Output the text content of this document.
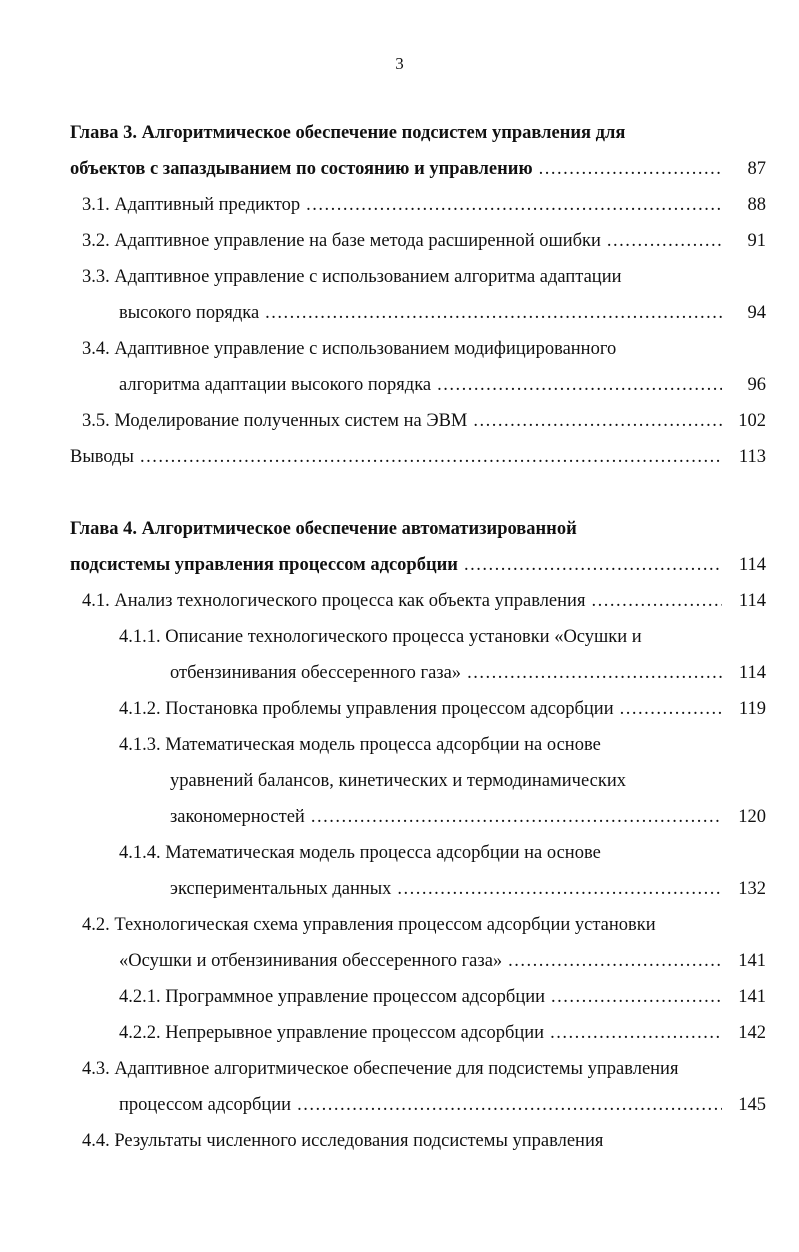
3
Глава 3. Алгоритмическое обеспечение подсистем управления для
объектов с запаздыванием по состоянию и управлению .....	87
3.1. Адаптивный предиктор .....	88
3.2. Адаптивное управление на базе метода расширенной ошибки .....	91
3.3. Адаптивное управление с использованием алгоритма адаптации
высокого порядка .....	94
3.4. Адаптивное управление с использованием модифицированного
алгоритма адаптации высокого порядка .....	96
3.5. Моделирование полученных систем на ЭВМ .....	102
Выводы .....	113
Глава 4. Алгоритмическое обеспечение автоматизированной
подсистемы управления процессом адсорбции .....	114
4.1. Анализ технологического процесса как объекта управления .....	114
4.1.1. Описание технологического процесса установки «Осушки и
отбензинивания обессеренного газа» .....	114
4.1.2. Постановка проблемы управления процессом адсорбции .....	119
4.1.3. Математическая модель процесса адсорбции на основе
уравнений балансов, кинетических и термодинамических
закономерностей .....	120
4.1.4. Математическая модель процесса адсорбции на основе
экспериментальных данных .....	132
4.2. Технологическая схема управления процессом адсорбции установки
«Осушки и отбензинивания обессеренного газа» .....	141
4.2.1. Программное управление процессом адсорбции .....	141
4.2.2. Непрерывное управление процессом адсорбции .....	142
4.3. Адаптивное алгоритмическое обеспечение для подсистемы управления
процессом адсорбции .....	145
4.4. Результаты численного исследования подсистемы управления
